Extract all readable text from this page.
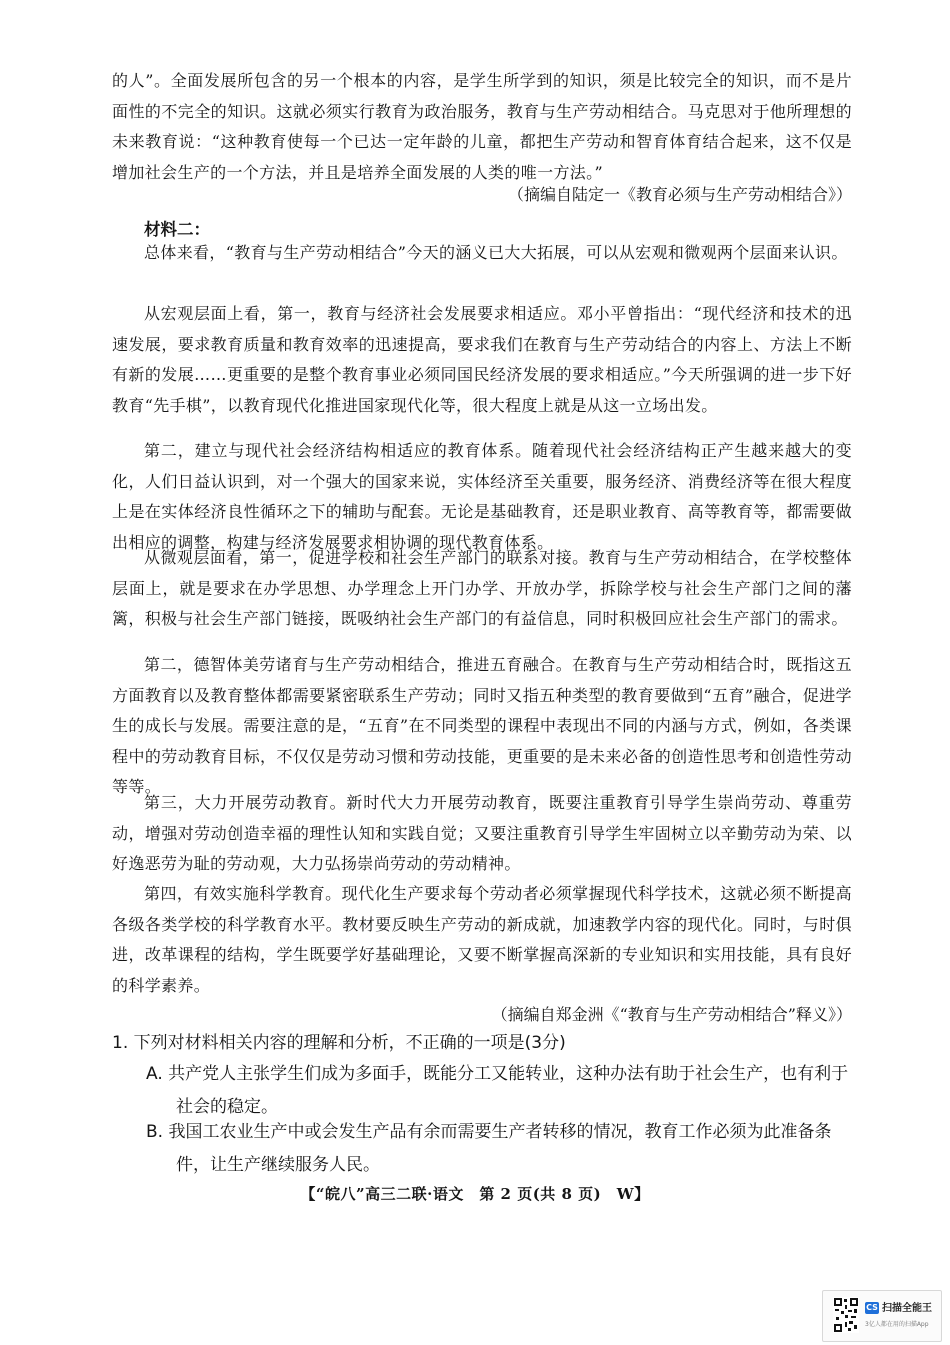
的人”。全面发展所包含的另一个根本的内容，是学生所学到的知识，须是比较完全的知识，而不是片面性的不完全的知识。这就必须实行教育为政治服务，教育与生产劳动相结合。马克思对于他所理想的未来教育说：“这种教育使每一个已达一定年龄的儿童，都把生产劳动和智育体育结合起来，这不仅是增加社会生产的一个方法，并且是培养全面发展的人类的唯一方法。”

（摘编自陆定一《教育必须与生产劳动相结合》）

材料二：

总体来看，“教育与生产劳动相结合”今天的涵义已大大拓展，可以从宏观和微观两个层面来认识。

从宏观层面上看，第一，教育与经济社会发展要求相适应。邓小平曾指出：“现代经济和技术的迅速发展，要求教育质量和教育效率的迅速提高，要求我们在教育与生产劳动结合的内容上、方法上不断有新的发展……更重要的是整个教育事业必须同国民经济发展的要求相适应。”今天所强调的进一步下好教育“先手棋”，以教育现代化推进国家现代化等，很大程度上就是从这一立场出发。

第二，建立与现代社会经济结构相适应的教育体系。随着现代社会经济结构正产生越来越大的变化，人们日益认识到，对一个强大的国家来说，实体经济至关重要，服务经济、消费经济等在很大程度上是在实体经济良性循环之下的辅助与配套。无论是基础教育，还是职业教育、高等教育等，都需要做出相应的调整，构建与经济发展要求相协调的现代教育体系。

从微观层面看，第一，促进学校和社会生产部门的联系对接。教育与生产劳动相结合，在学校整体层面上，就是要求在办学思想、办学理念上开门办学、开放办学，拆除学校与社会生产部门之间的藩篱，积极与社会生产部门链接，既吸纳社会生产部门的有益信息，同时积极回应社会生产部门的需求。

第二，德智体美劳诸育与生产劳动相结合，推进五育融合。在教育与生产劳动相结合时，既指这五方面教育以及教育整体都需要紧密联系生产劳动；同时又指五种类型的教育要做到“五育”融合，促进学生的成长与发展。需要注意的是，“五育”在不同类型的课程中表现出不同的内涵与方式，例如，各类课程中的劳动教育目标，不仅仅是劳动习惯和劳动技能，更重要的是未来必备的创造性思考和创造性劳动等等。

第三，大力开展劳动教育。新时代大力开展劳动教育，既要注重教育引导学生崇尚劳动、尊重劳动，增强对劳动创造幸福的理性认知和实践自觉；又要注重教育引导学生牢固树立以辛勤劳动为荣、以好逸恶劳为耻的劳动观，大力弘扬崇尚劳动的劳动精神。

第四，有效实施科学教育。现代化生产要求每个劳动者必须掌握现代科学技术，这就必须不断提高各级各类学校的科学教育水平。教材要反映生产劳动的新成就，加速教学内容的现代化。同时，与时俱进，改革课程的结构，学生既要学好基础理论，又要不断掌握高深新的专业知识和实用技能，具有良好的科学素养。

（摘编自郑金洲《“教育与生产劳动相结合”释义》）

1. 下列对材料相关内容的理解和分析，不正确的一项是(3分)

A. 共产党人主张学生们成为多面手，既能分工又能转业，这种办法有助于社会生产，也有利于社会的稳定。

B. 我国工农业生产中或会发生产品有余而需要生产者转移的情况，教育工作必须为此准备条件，让生产继续服务人民。

【“皖八”高三二联·语文　第 2 页(共 8 页)　W】
CS 扫描全能王
3亿人都在用的扫描App
